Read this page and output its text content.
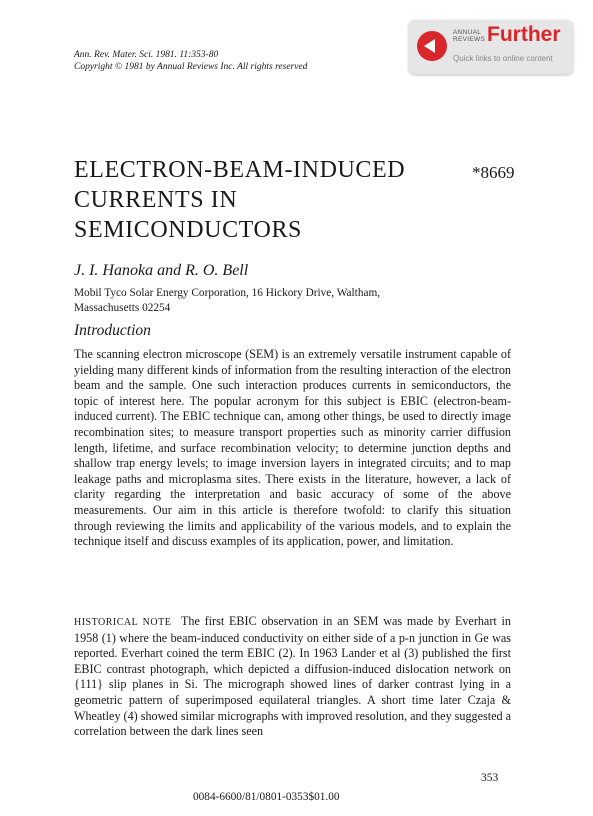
Ann. Rev. Mater. Sci. 1981. 11:353-80
Copyright © 1981 by Annual Reviews Inc. All rights reserved
ANNUAL
REVIEWS Further
Quick links to online content
ELECTRON-BEAM-INDUCED
CURRENTS IN
SEMICONDUCTORS
*8669
J. I. Hanoka and R. O. Bell
Mobil Tyco Solar Energy Corporation, 16 Hickory Drive, Waltham,
Massachusetts 02254
Introduction
The scanning electron microscope (SEM) is an extremely versatile instrument capable of yielding many different kinds of information from the resulting interaction of the electron beam and the sample. One such interaction produces currents in semiconductors, the topic of interest here. The popular acronym for this subject is EBIC (electron-beam-induced current). The EBIC technique can, among other things, be used to directly image recombination sites; to measure transport properties such as minority carrier diffusion length, lifetime, and surface recombination velocity; to determine junction depths and shallow trap energy levels; to image inversion layers in integrated circuits; and to map leakage paths and microplasma sites. There exists in the literature, however, a lack of clarity regarding the interpretation and basic accuracy of some of the above measurements. Our aim in this article is therefore twofold: to clarify this situation through reviewing the limits and applicability of the various models, and to explain the technique itself and discuss examples of its application, power, and limitation.
HISTORICAL NOTE The first EBIC observation in an SEM was made by Everhart in 1958 (1) where the beam-induced conductivity on either side of a p-n junction in Ge was reported. Everhart coined the term EBIC (2). In 1963 Lander et al (3) published the first EBIC contrast photograph, which depicted a diffusion-induced dislocation network on {111} slip planes in Si. The micrograph showed lines of darker contrast lying in a geometric pattern of superimposed equilateral triangles. A short time later Czaja & Wheatley (4) showed similar micrographs with improved resolution, and they suggested a correlation between the dark lines seen
353
0084-6600/81/0801-0353$01.00
